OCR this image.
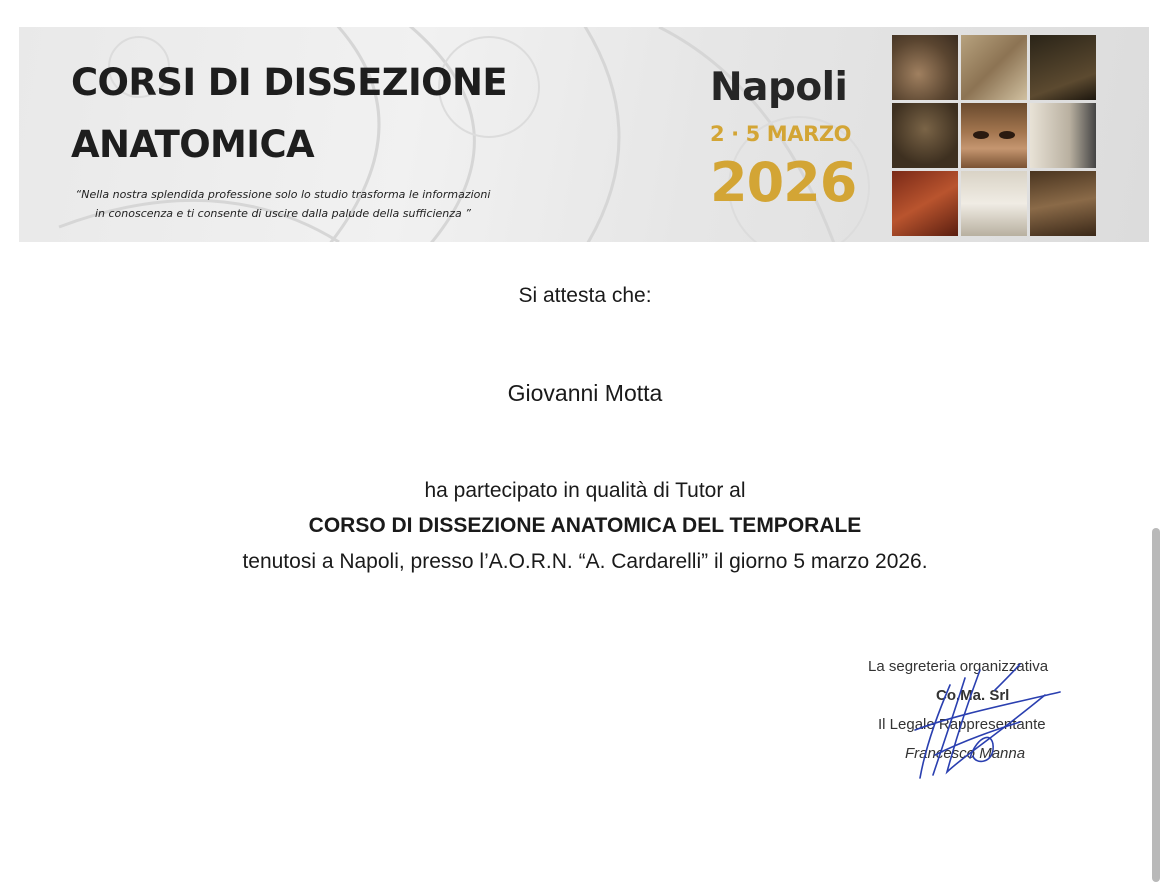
CORSI DI DISSEZIONE
ANATOMICA
“Nella nostra splendida professione solo lo studio trasforma le informazioni
in conoscenza e ti consente di uscire dalla palude della sufficienza ”
Napoli
2 · 5 MARZO
2026
Si attesta che:
Giovanni Motta
ha partecipato in qualità di Tutor al
CORSO DI DISSEZIONE ANATOMICA DEL TEMPORALE
tenutosi a Napoli, presso l’A.O.R.N. “A. Cardarelli” il giorno 5 marzo 2026.
La segreteria organizzativa
Co.Ma. Srl
Il Legale Rappresentante
Francesco Manna
